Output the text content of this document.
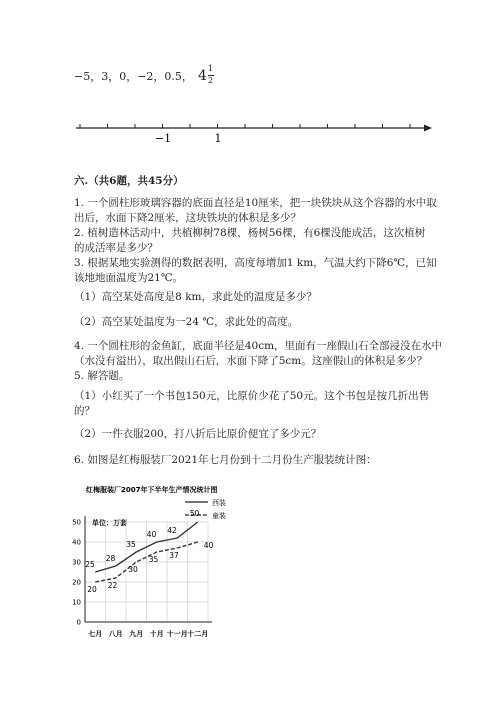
−5，3，0，−2，0.5， 4 1
2
−1	1
六.（共6题，共45分）
1. 一个圆柱形玻璃容器的底面直径是10厘米，把一块铁块从这个容器的水中取
出后，水面下降2厘米，这块铁块的体积是多少？
2. 植树造林活动中，共植柳树78棵，杨树56棵，有6棵没能成活，这次植树
的成活率是多少？
3. 根据某地实验测得的数据表明，高度每增加1 km，气温大约下降6℃，已知
该地地面温度为21℃。
（1）高空某处高度是8 km，求此处的温度是多少？
（2）高空某处温度为一24 ℃，求此处的高度。
4. 一个圆柱形的金鱼缸，底面半径是40cm，里面有一座假山石全部浸没在水中
（水没有溢出），取出假山石后，水面下降了5cm。这座假山的体积是多少？
5. 解答题。
（1）小红买了一个书包150元，比原价少花了50元。这个书包是按几折出售
的？
（2）一件衣服200，打八折后比原价便宜了多少元？
6. 如图是红梅服装厂2021年七月份到十二月份生产服装统计图：
红梅服装厂2007年下半年生产情况统计图
单位：万套
西装
童装
0
10
20
30
40
50
七月 八月 九月 十月 十一月 十二月
25
28
35
40 42
50
20 22
30
35 37
40
